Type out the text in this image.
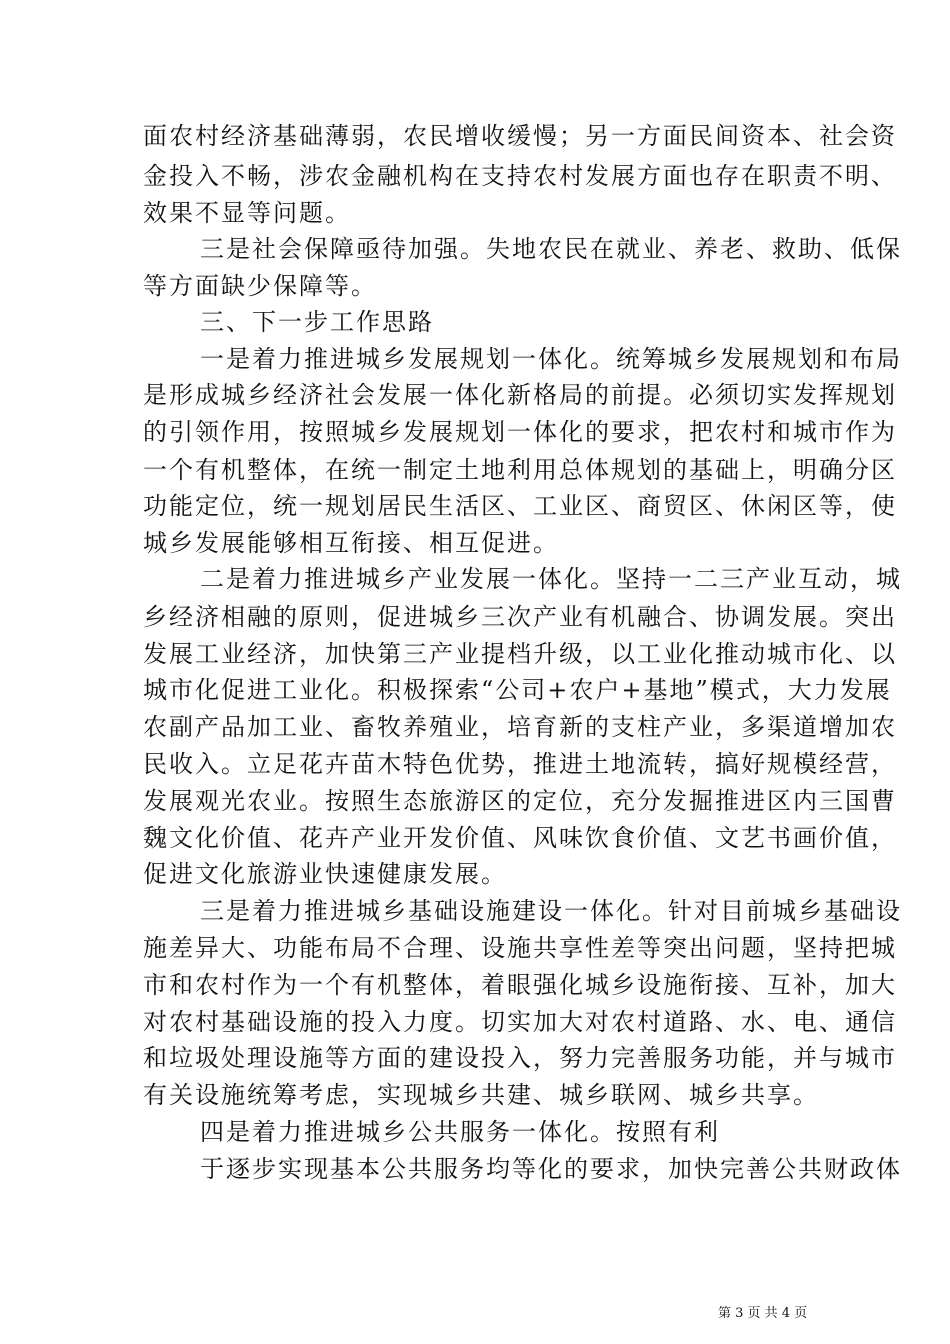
面农村经济基础薄弱，农民增收缓慢；另一方面民间资本、社会资
金投入不畅，涉农金融机构在支持农村发展方面也存在职责不明、
效果不显等问题。
三是社会保障亟待加强。失地农民在就业、养老、救助、低保
等方面缺少保障等。
三、下一步工作思路
一是着力推进城乡发展规划一体化。统筹城乡发展规划和布局
是形成城乡经济社会发展一体化新格局的前提。必须切实发挥规划
的引领作用，按照城乡发展规划一体化的要求，把农村和城市作为
一个有机整体，在统一制定土地利用总体规划的基础上，明确分区
功能定位，统一规划居民生活区、工业区、商贸区、休闲区等，使
城乡发展能够相互衔接、相互促进。
二是着力推进城乡产业发展一体化。坚持一二三产业互动，城
乡经济相融的原则，促进城乡三次产业有机融合、协调发展。突出
发展工业经济，加快第三产业提档升级，以工业化推动城市化、以
城市化促进工业化。积极探索“公司+农户+基地”模式，大力发展
农副产品加工业、畜牧养殖业，培育新的支柱产业，多渠道增加农
民收入。立足花卉苗木特色优势，推进土地流转，搞好规模经营，
发展观光农业。按照生态旅游区的定位，充分发掘推进区内三国曹
魏文化价值、花卉产业开发价值、风味饮食价值、文艺书画价值，
促进文化旅游业快速健康发展。
三是着力推进城乡基础设施建设一体化。针对目前城乡基础设
施差异大、功能布局不合理、设施共享性差等突出问题，坚持把城
市和农村作为一个有机整体，着眼强化城乡设施衔接、互补，加大
对农村基础设施的投入力度。切实加大对农村道路、水、电、通信
和垃圾处理设施等方面的建设投入，努力完善服务功能，并与城市
有关设施统筹考虑，实现城乡共建、城乡联网、城乡共享。
四是着力推进城乡公共服务一体化。按照有利
于逐步实现基本公共服务均等化的要求，加快完善公共财政体
第 3 页 共 4 页
